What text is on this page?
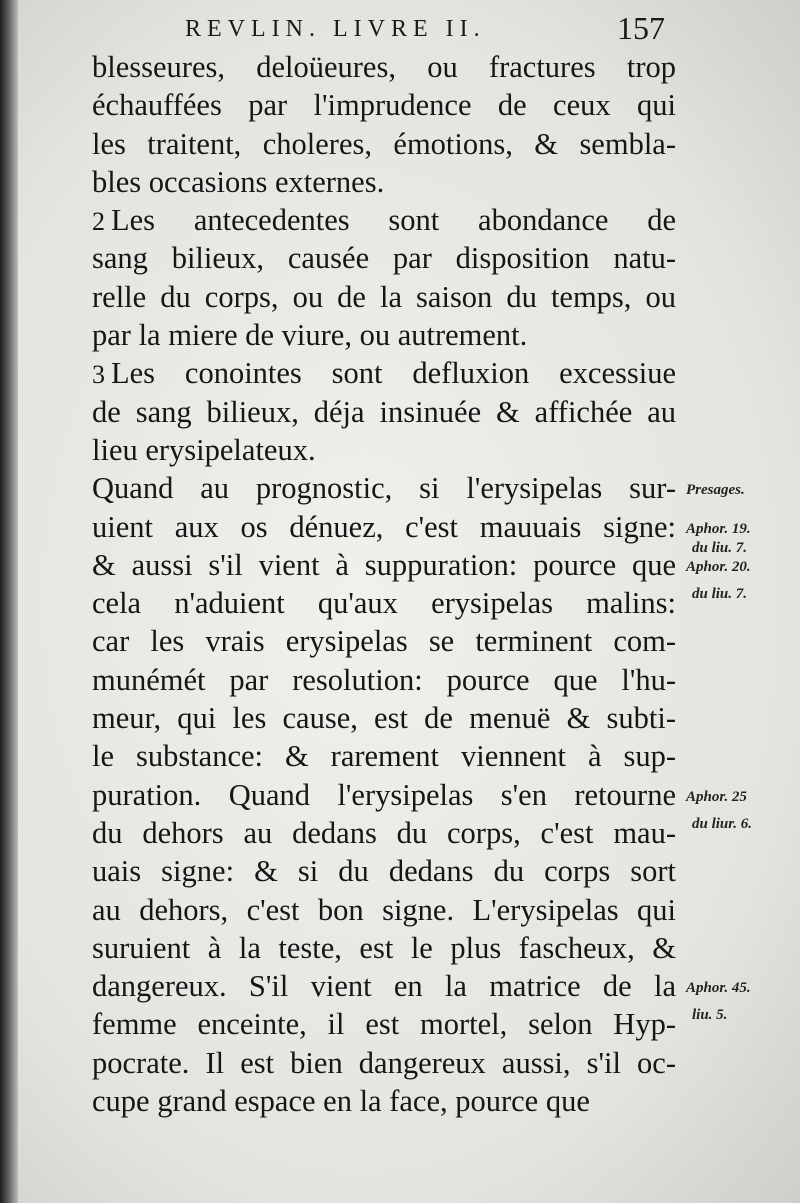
REVLIN. LIVRE II.	157
blesseures, deloüeures, ou fractures trop
échauffées par l'imprudence de ceux qui
les traitent, choleres, émotions, & sembla-
bles occasions externes.
2 Les antecedentes sont abondance de
sang bilieux, causée par disposition natu-
relle du corps, ou de la saison du temps, ou
par la miere de viure, ou autrement.
3 Les conointes sont defluxion excessiue
de sang bilieux, déja insinuée & affichée au
lieu erysipelateux.
Quand au prognostic, si l'erysipelas sur-
uient aux os dénuez, c'est mauuais signe:
& aussi s'il vient à suppuration: pource que
cela n'aduient qu'aux erysipelas malins:
car les vrais erysipelas se terminent com-
munémét par resolution: pource que l'hu-
meur, qui les cause, est de menuë & subti-
le substance: & rarement viennent à sup-
puration. Quand l'erysipelas s'en retourne
du dehors au dedans du corps, c'est mau-
uais signe: & si du dedans du corps sort
au dehors, c'est bon signe. L'erysipelas qui
suruient à la teste, est le plus fascheux, &
dangereux. S'il vient en la matrice de la
femme enceinte, il est mortel, selon Hyp-
pocrate. Il est bien dangereux aussi, s'il oc-
cupe grand espace en la face, pource que
Presages.
Aphor. 19.
du liu. 7.
Aphor. 20.
du liu. 7.
Aphor. 25
du liur. 6.
Aphor. 45.
liu. 5.
